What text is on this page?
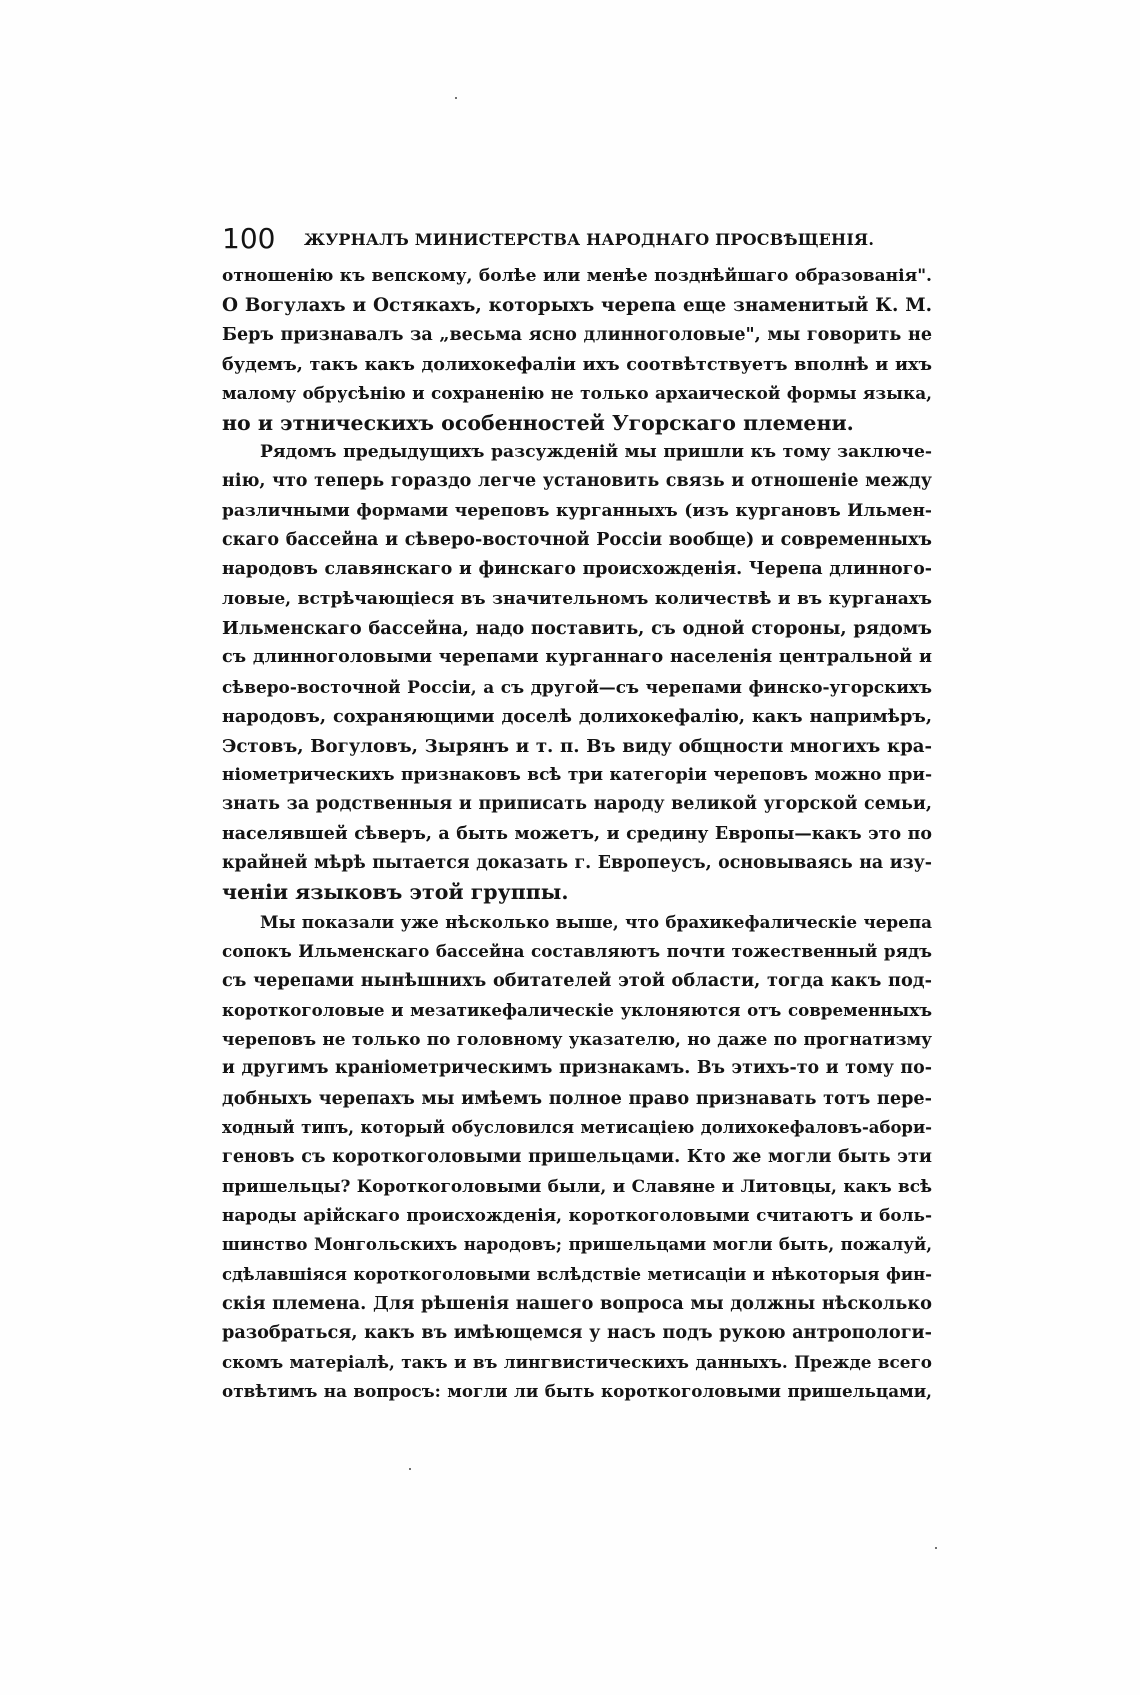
100 ЖУРНАЛЪ МИНИСТЕРСТВА НАРОДНАГО ПРОСВѢЩЕНІЯ.
отношенію къ вепскому, болѣе или менѣе позднѣйшаго образованія".
О Вогулахъ и Остякахъ, которыхъ черепа еще знаменитый К. М.
Беръ признавалъ за „весьма ясно длинноголовые", мы говорить не
будемъ, такъ какъ долихокефаліи ихъ соотвѣтствуетъ вполнѣ и ихъ
малому обрусѣнію и сохраненію не только архаической формы языка,
но и этническихъ особенностей Угорскаго племени.
Рядомъ предыдущихъ разсужденій мы пришли къ тому заключе-
нію, что теперь гораздо легче установить связь и отношеніе между
различными формами череповъ курганныхъ (изъ кургановъ Ильмен-
скаго бассейна и сѣверо-восточной Россіи вообще) и современныхъ
народовъ славянскаго и финскаго происхожденія. Черепа длинного-
ловые, встрѣчающіеся въ значительномъ количествѣ и въ курганахъ
Ильменскаго бассейна, надо поставить, съ одной стороны, рядомъ
съ длинноголовыми черепами курганнаго населенія центральной и
сѣверо-восточной Россіи, а съ другой—съ черепами финско-угорскихъ
народовъ, сохраняющими доселѣ долихокефалію, какъ напримѣръ,
Эстовъ, Вогуловъ, Зырянъ и т. п. Въ виду общности многихъ кра-
ніометрическихъ признаковъ всѣ три категоріи череповъ можно при-
знать за родственныя и приписать народу великой угорской семьи,
населявшей сѣверъ, а быть можетъ, и средину Европы—какъ это по
крайней мѣрѣ пытается доказать г. Европеусъ, основываясь на изу-
ченіи языковъ этой группы.
Мы показали уже нѣсколько выше, что брахикефалическіе черепа
сопокъ Ильменскаго бассейна составляютъ почти тожественный рядъ
съ черепами нынѣшнихъ обитателей этой области, тогда какъ под-
короткоголовые и мезатикефалическіе уклоняются отъ современныхъ
череповъ не только по головному указателю, но даже по прогнатизму
и другимъ краніометрическимъ признакамъ. Въ этихъ-то и тому по-
добныхъ черепахъ мы имѣемъ полное право признавать тотъ пере-
ходный типъ, который обусловился метисаціею долихокефаловъ-абори-
геновъ съ короткоголовыми пришельцами. Кто же могли быть эти
пришельцы? Короткоголовыми были, и Славяне и Литовцы, какъ всѣ
народы арійскаго происхожденія, короткоголовыми считаютъ и боль-
шинство Монгольскихъ народовъ; пришельцами могли быть, пожалуй,
сдѣлавшіяся короткоголовыми вслѣдствіе метисаціи и нѣкоторыя фин-
скія племена. Для рѣшенія нашего вопроса мы должны нѣсколько
разобраться, какъ въ имѣющемся у насъ подъ рукою антропологи-
скомъ матеріалѣ, такъ и въ лингвистическихъ данныхъ. Прежде всего
отвѣтимъ на вопросъ: могли ли быть короткоголовыми пришельцами,
